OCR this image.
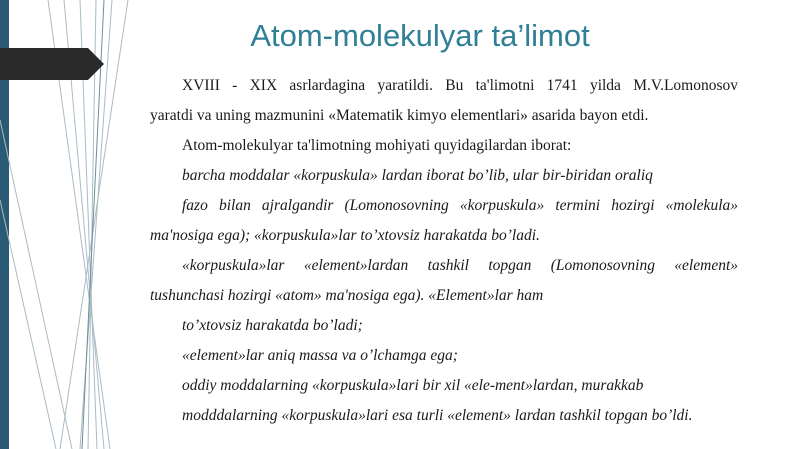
Atom-molekulyar ta’limot
XVIII - XIX asrlardagina yaratildi. Bu ta'limotni 1741 yilda M.V.Lomonosov
yaratdi va uning mazmunini «Matematik kimyo elementlari» asarida bayon etdi.
Atom-molekulyar ta'limotning mohiyati quyidagilardan iborat:
barcha moddalar «korpuskula» lardan iborat bo’lib, ular bir-biridan oraliq
fazo bilan ajralgandir (Lomonosovning «korpuskula» termini hozirgi «molekula»
ma'nosiga ega); «korpuskula»lar to’xtovsiz harakatda bo’ladi.
«korpuskula»lar «element»lardan tashkil topgan (Lomonosovning «element»
tushunchasi hozirgi «atom» ma'nosiga ega). «Element»lar ham
to’xtovsiz harakatda bo’ladi;
«element»lar aniq massa va o’lchamga ega;
oddiy moddalarning «korpuskula»lari bir xil «ele-ment»lardan, murakkab
modddalarning «korpuskula»lari esa turli «element» lardan tashkil topgan bo’ldi.
